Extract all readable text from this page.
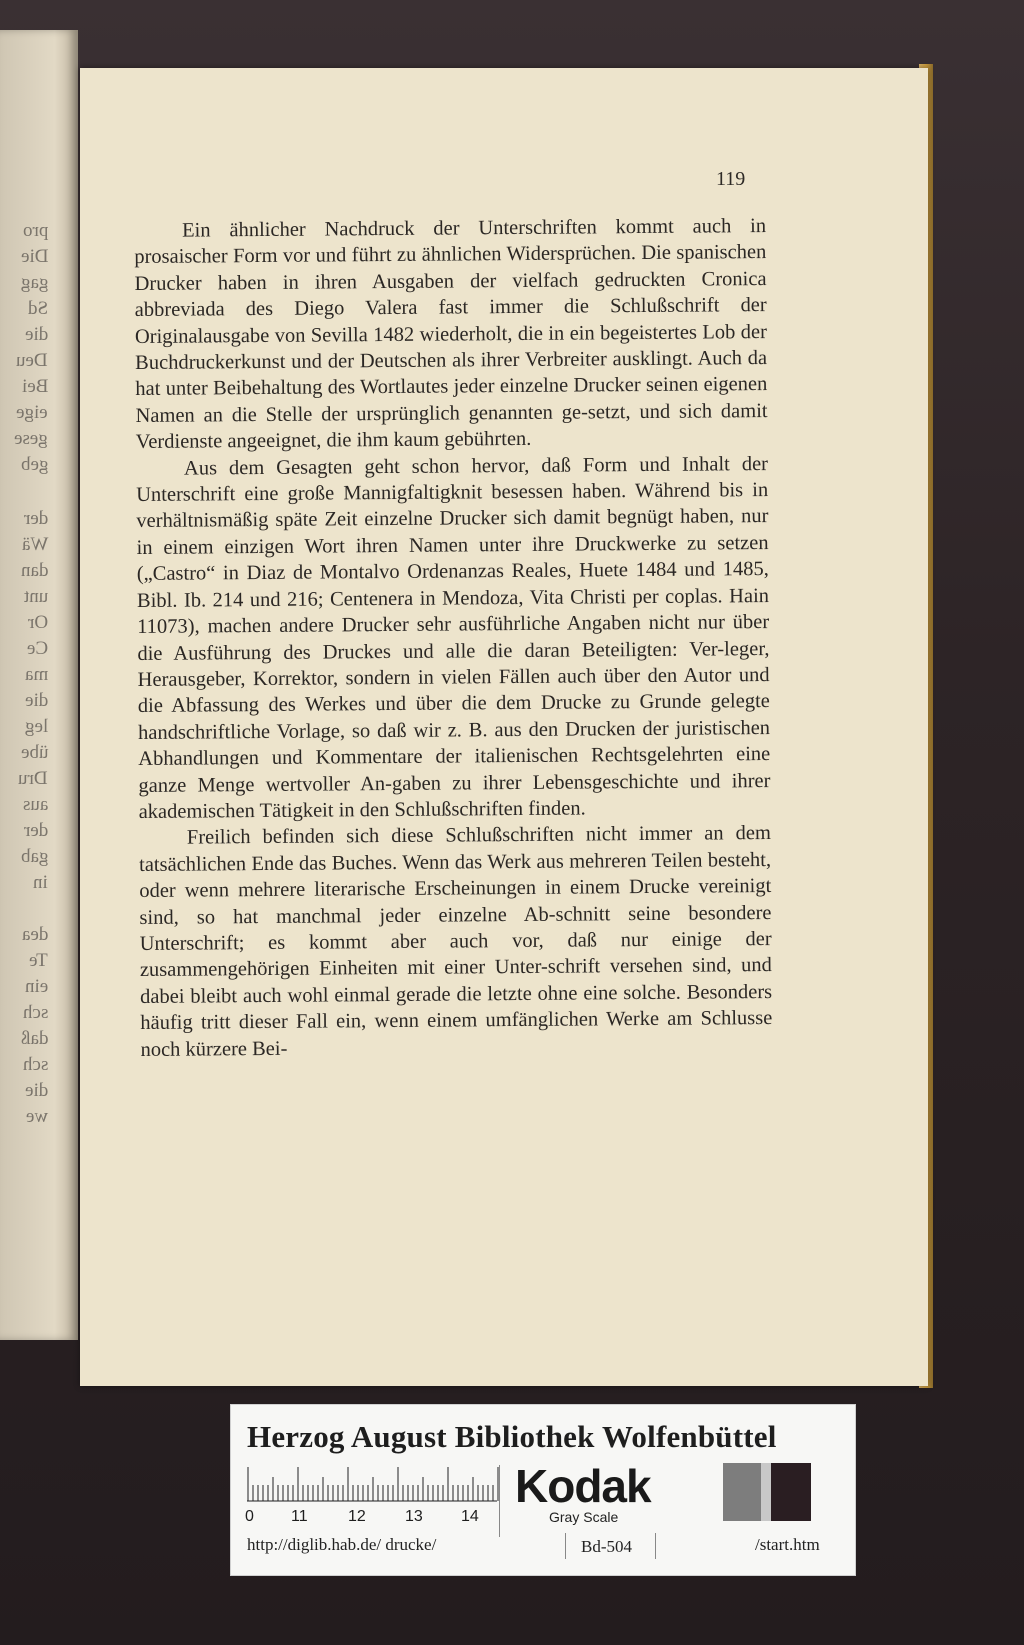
pro
Die
gag
Sd
die
Deu
Bei
eige
gese
geb
der
Wä
dan
unt
Or
Ce
ma
die
leg
übe
Dru
aus
der
gab
in
dea
Te
ein
sch
daß
sch
die
we
119

Ein ähnlicher Nachdruck der Unterschriften kommt auch in prosaischer Form vor und führt zu ähnlichen Widersprüchen. Die spanischen Drucker haben in ihren Ausgaben der vielfach gedruckten Cronica abbreviada des Diego Valera fast immer die Schlußschrift der Originalausgabe von Sevilla 1482 wiederholt, die in ein begeistertes Lob der Buchdruckerkunst und der Deutschen als ihrer Verbreiter ausklingt. Auch da hat unter Beibehaltung des Wortlautes jeder einzelne Drucker seinen eigenen Namen an die Stelle der ursprünglich genannten ge-setzt, und sich damit Verdienste angeeignet, die ihm kaum gebührten.

Aus dem Gesagten geht schon hervor, daß Form und Inhalt der Unterschrift eine große Mannigfaltigknit besessen haben. Während bis in verhältnismäßig späte Zeit einzelne Drucker sich damit begnügt haben, nur in einem einzigen Wort ihren Namen unter ihre Druckwerke zu setzen („Castro“ in Diaz de Montalvo Ordenanzas Reales, Huete 1484 und 1485, Bibl. Ib. 214 und 216; Centenera in Mendoza, Vita Christi per coplas. Hain 11073), machen andere Drucker sehr ausführliche Angaben nicht nur über die Ausführung des Druckes und alle die daran Beteiligten: Ver-leger, Herausgeber, Korrektor, sondern in vielen Fällen auch über den Autor und die Abfassung des Werkes und über die dem Drucke zu Grunde gelegte handschriftliche Vorlage, so daß wir z. B. aus den Drucken der juristischen Abhandlungen und Kommentare der italienischen Rechtsgelehrten eine ganze Menge wertvoller An-gaben zu ihrer Lebensgeschichte und ihrer akademischen Tätigkeit in den Schlußschriften finden.

Freilich befinden sich diese Schlußschriften nicht immer an dem tatsächlichen Ende das Buches. Wenn das Werk aus mehreren Teilen besteht, oder wenn mehrere literarische Erscheinungen in einem Drucke vereinigt sind, so hat manchmal jeder einzelne Ab-schnitt seine besondere Unterschrift; es kommt aber auch vor, daß nur einige der zusammengehörigen Einheiten mit einer Unter-schrift versehen sind, und dabei bleibt auch wohl einmal gerade die letzte ohne eine solche. Besonders häufig tritt dieser Fall ein, wenn einem umfänglichen Werke am Schlusse noch kürzere Bei-

Herzog August Bibliothek Wolfenbüttel
0 11	12 13 14
Kodak
Gray Scale
http://diglib.hab.de/ drucke/	Bd-504	/start.htm
